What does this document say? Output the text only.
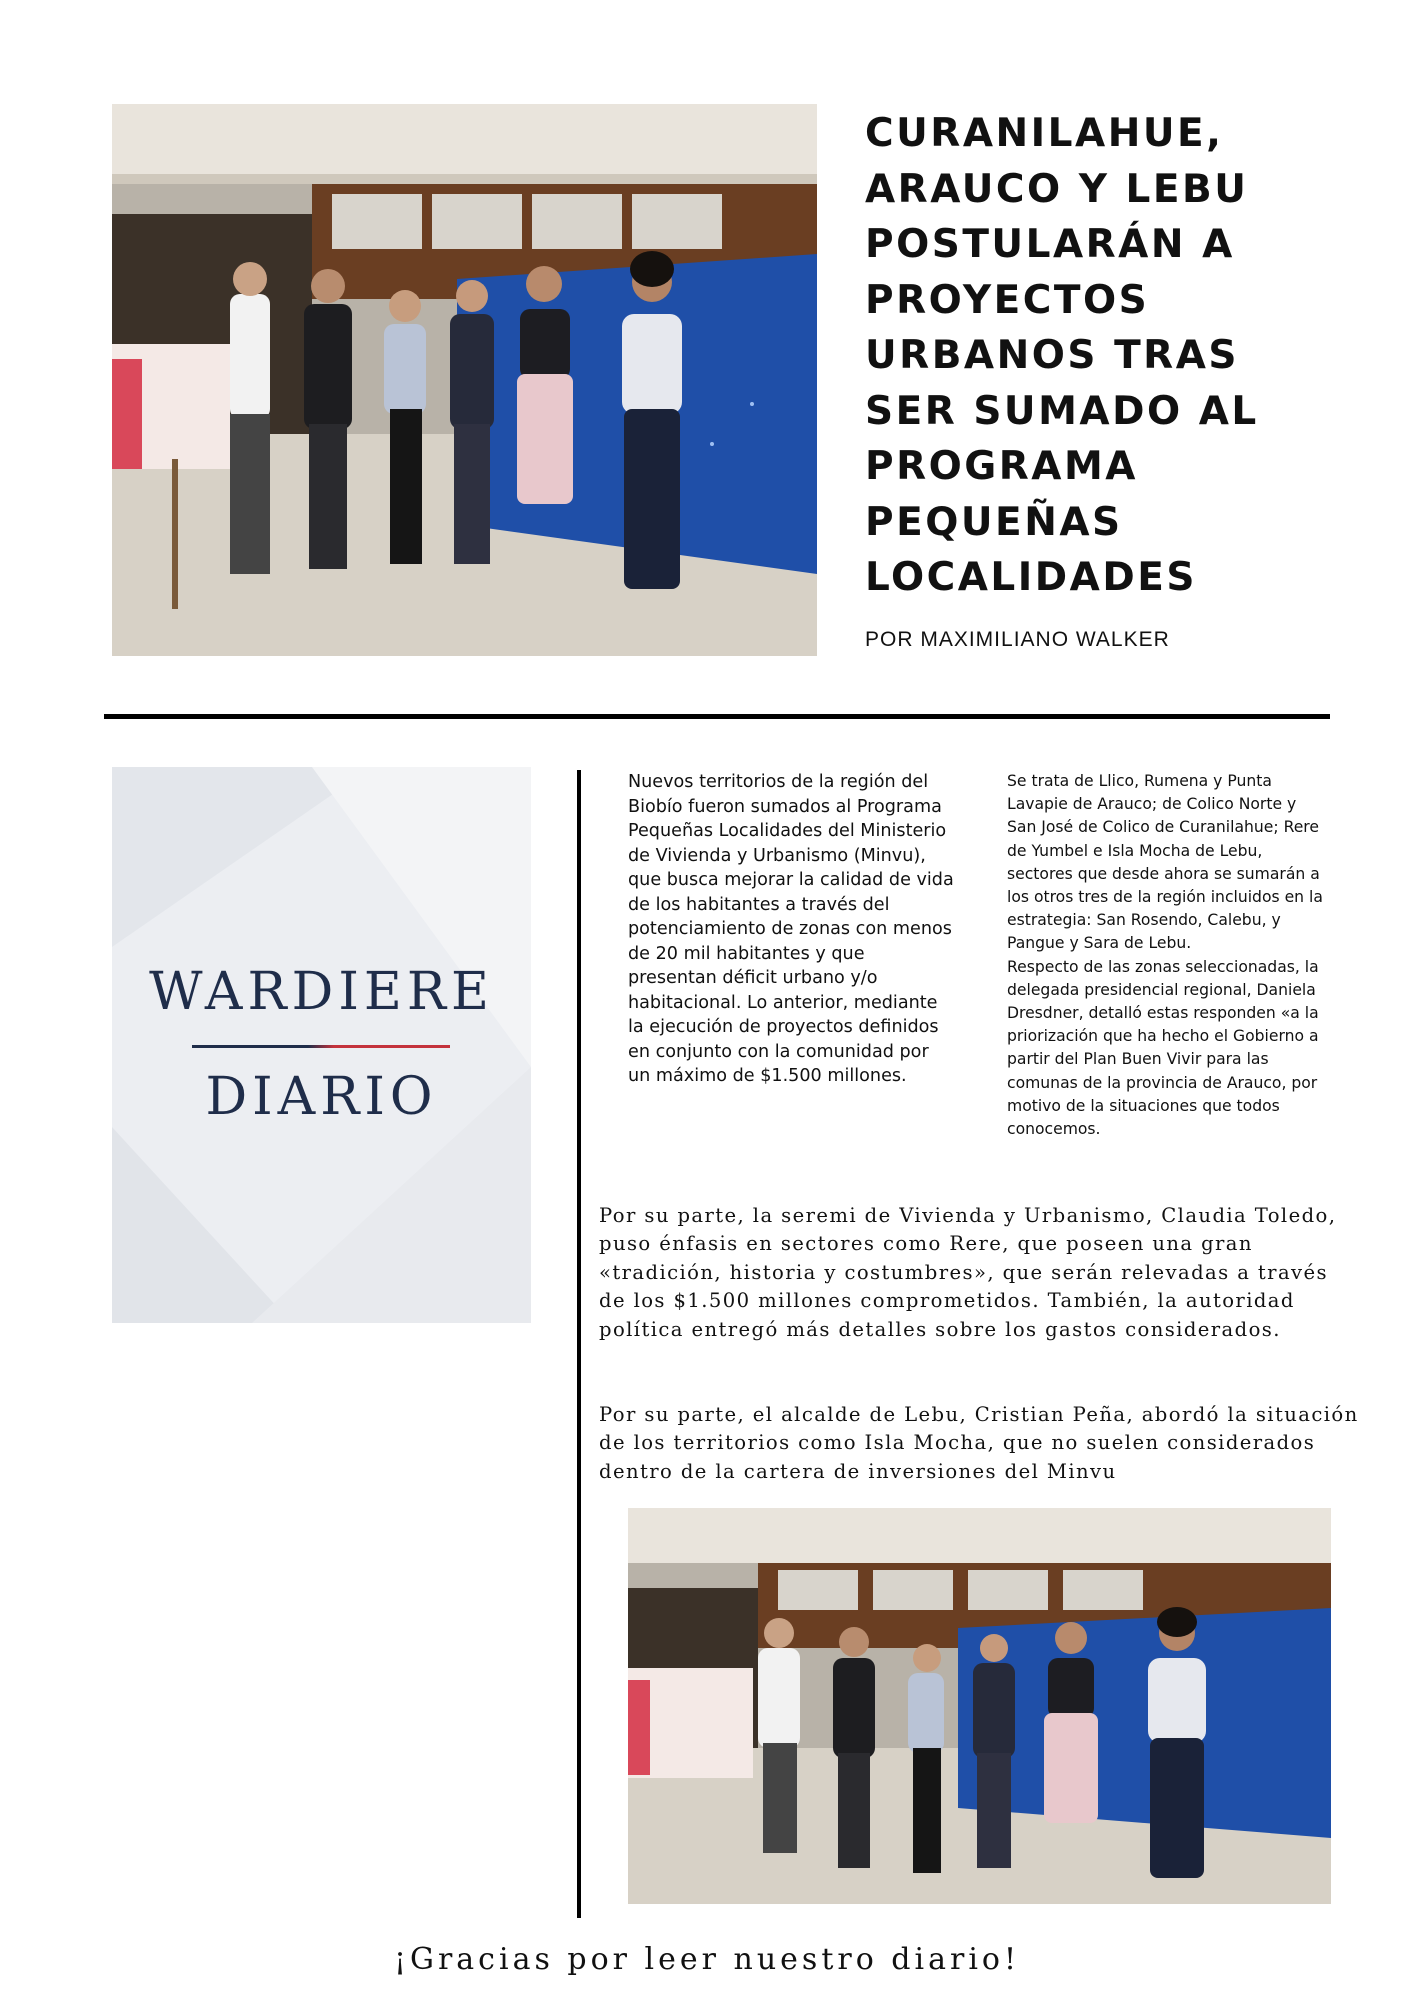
CURANILAHUE, ARAUCO Y LEBU POSTULARÁN A PROYECTOS URBANOS TRAS SER SUMADO AL PROGRAMA PEQUEÑAS LOCALIDADES
POR MAXIMILIANO WALKER
WARDIERE
DIARIO

Nuevos territorios de la región del Biobío fueron sumados al Programa Pequeñas Localidades del Ministerio de Vivienda y Urbanismo (Minvu), que busca mejorar la calidad de vida de los habitantes a través del potenciamiento de zonas con menos de 20 mil habitantes y que presentan déficit urbano y/o habitacional. Lo anterior, mediante la ejecución de proyectos definidos en conjunto con la comunidad por un máximo de $1.500 millones.

Se trata de Llico, Rumena y Punta Lavapie de Arauco; de Colico Norte y San José de Colico de Curanilahue; Rere de Yumbel e Isla Mocha de Lebu, sectores que desde ahora se sumarán a los otros tres de la región incluidos en la estrategia: San Rosendo, Calebu, y Pangue y Sara de Lebu.

Respecto de las zonas seleccionadas, la delegada presidencial regional, Daniela Dresdner, detalló estas responden «a la priorización que ha hecho el Gobierno a partir del Plan Buen Vivir para las comunas de la provincia de Arauco, por motivo de la situaciones que todos conocemos.

Por su parte, la seremi de Vivienda y Urbanismo, Claudia Toledo, puso énfasis en sectores como Rere, que poseen una gran «tradición, historia y costumbres», que serán relevadas a través de los $1.500 millones comprometidos. También, la autoridad política entregó más detalles sobre los gastos considerados.

Por su parte, el alcalde de Lebu, Cristian Peña, abordó la situación de los territorios como Isla Mocha, que no suelen considerados dentro de la cartera de inversiones del Minvu

¡Gracias por leer nuestro diario!
